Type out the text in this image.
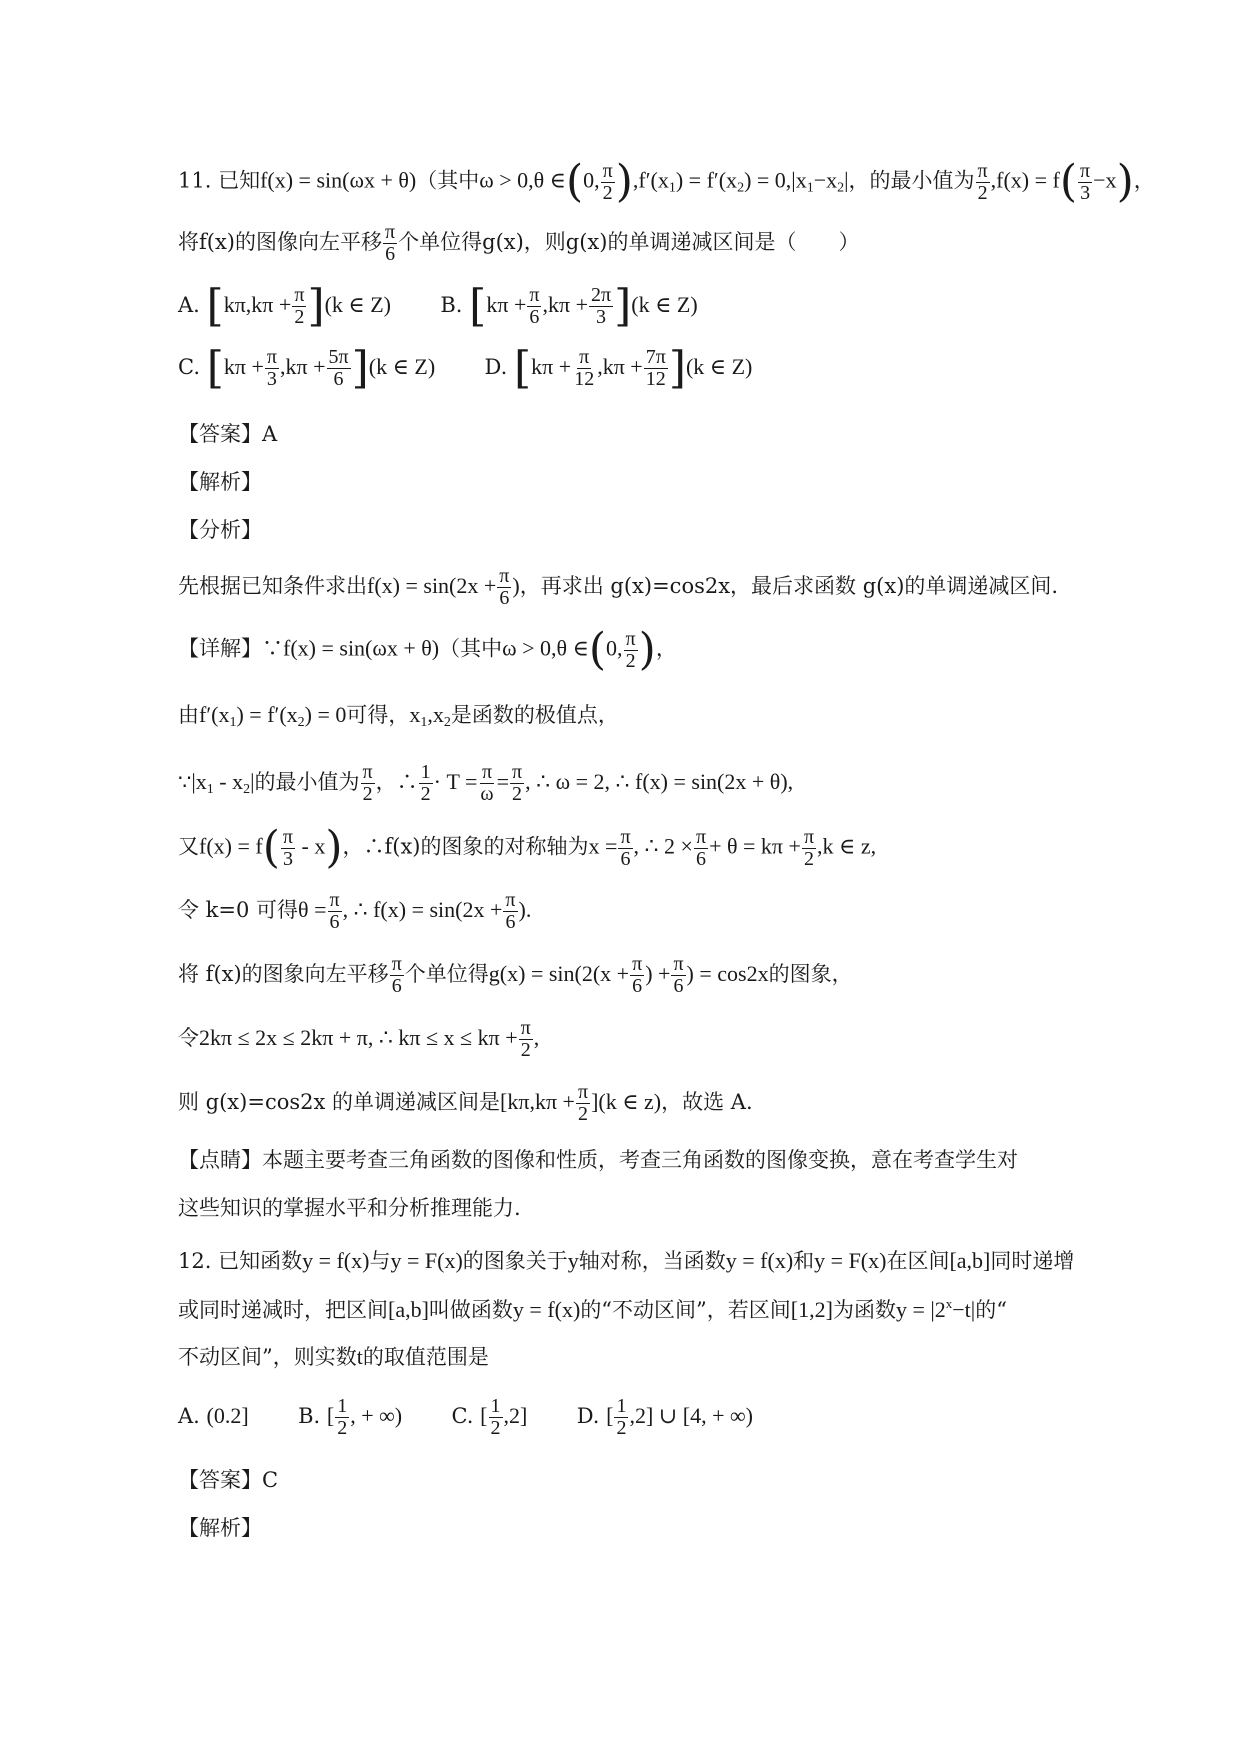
11. 已知f(x) = sin(ωx + θ)（其中ω > 0,θ ∈(0, $\frac{\pi}{2} ),f'(x_1) = f'(x_2) = 0,|x_1-x_2|$，的最小值为 $\frac{\pi}{2} ,f(x) = f( \frac{\pi}{3} -x)$，
将f(x)的图像向左平移 $\frac{\pi}{6}$ 个单位得g(x)，则g(x)的单调递减区间是（　　）
A. $[k\pi,k\pi + \frac{\pi}{2} ](k$ ∈ Z) B. $[k\pi + \frac{\pi}{6} ,k\pi + \frac{2\pi}{3} ](k$ ∈ Z)
C. $[k\pi + \frac{\pi}{3} ,k\pi + \frac{5\pi}{6} ](k$ ∈ Z) D. $[k\pi + \frac{\pi}{12} ,k\pi + \frac{7\pi}{12} ](k$ ∈ Z)
【答案】A
【解析】
【分析】
先根据已知条件求出$f(x) = \sin(2x + \frac{\pi}{6}$ )，再求出 g(x)=cos2x，最后求函数 g(x)的单调递减区间.
【详解】∵f(x) = sin(ωx + θ)（其中ω > 0,θ ∈(0, $\frac{\pi}{2}$ )，
由$f'(x_1) = f'(x_2) = 0$可得，$x_1,x_2$是函数的极值点，
$\because|x_1 - x_2|$的最小值为 $\frac{\pi}{2}$ ，∴ $\frac{1}{2} \cdot T = \frac{\pi}{\omega} = \frac{\pi}{2}$ , ∴ ω = 2, ∴ f(x) = sin(2x + θ),
又$f(x) = f( \frac{\pi}{3} - x)$，∴f(x)的图象的对称轴为$x = \frac{\pi}{6}$ , ∴ $2 \times \frac{\pi}{6} + \theta = k\pi + \frac{\pi}{2} ,k$ ∈ z,
令 k=0 可得$\theta = \frac{\pi}{6}$ , ∴ $f(x) = \sin(2x + \frac{\pi}{6}$ ).
将 f(x)的图象向左平移 $\frac{\pi}{6}$ 个单位得$g(x) = \sin(2(x + \frac{\pi}{6}$ ) + $\frac{\pi}{6}$ ) = cos2x的图象，
令2kπ ≤ 2x ≤ 2kπ + π, ∴ $k\pi \le x \le k\pi + \frac{\pi}{2}$ ,
则 g(x)=cos2x 的单调递减区间是$[k\pi,k\pi + \frac{\pi}{2} ](k$ ∈ z)，故选 A.
【点睛】本题主要考查三角函数的图像和性质，考查三角函数的图像变换，意在考查学生对
这些知识的掌握水平和分析推理能力.
12. 已知函数y = f(x)与y = F(x)的图象关于y轴对称，当函数y = f(x)和y = F(x)在区间[a,b]同时递增
或同时递减时，把区间[a,b]叫做函数y = f(x)的“不动区间”，若区间[1,2]为函数$y = |2^x-t|$的“
不动区间”，则实数t的取值范围是
A. (0.2] B. [ $\frac{1}{2}$ , + ∞) C. [ $\frac{1}{2} ,2$] D. [ $\frac{1}{2} ,2$] ∪ [4, + ∞)
【答案】C
【解析】
